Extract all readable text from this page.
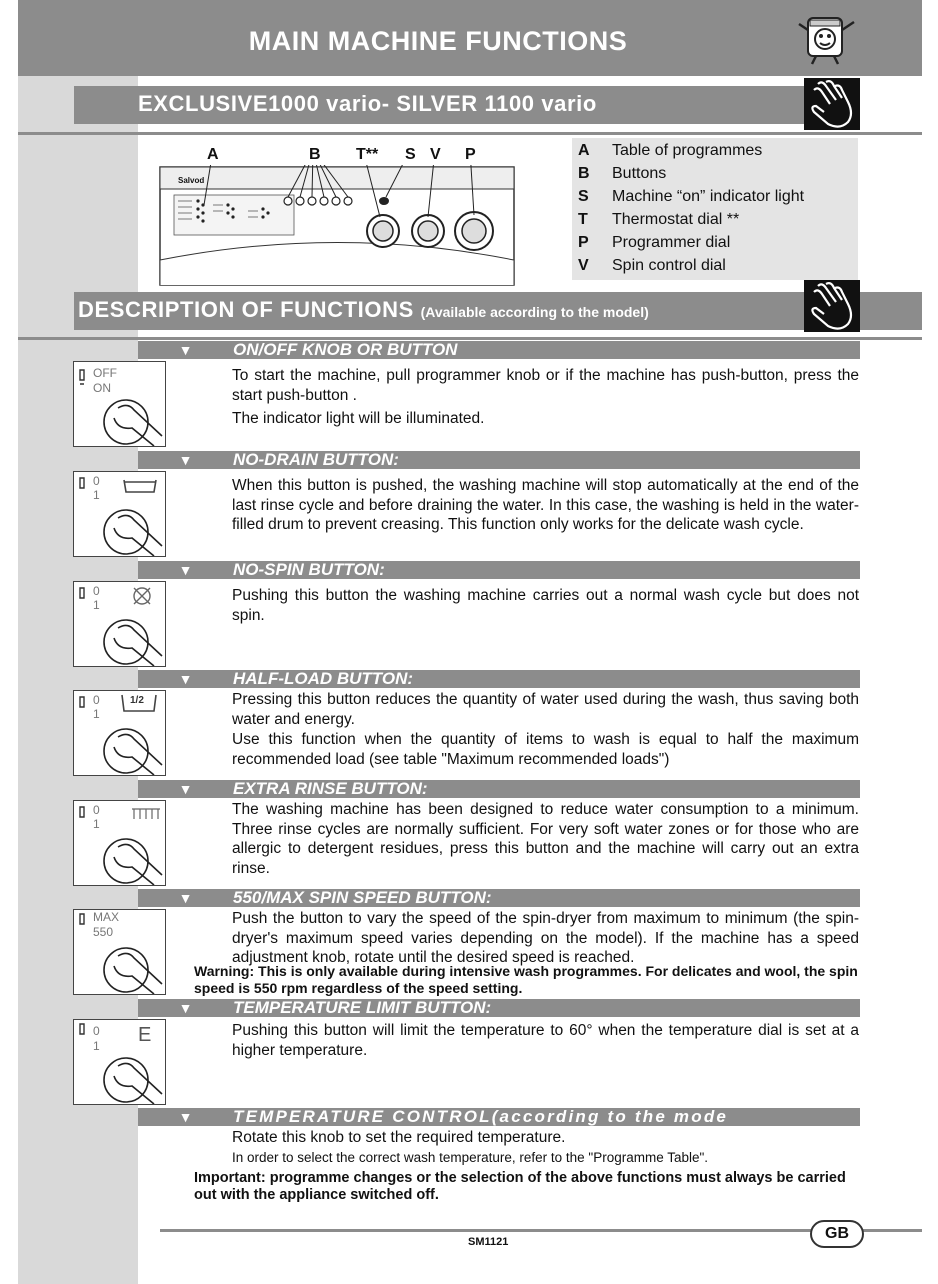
MAIN MACHINE FUNCTIONS
EXCLUSIVE1000 vario- SILVER 1100 vario
A	B T** S V P
Salvod
A Table of programmes
B Buttons
S Machine “on” indicator light
T Thermostat dial **
P Programmer dial
V Spin control dial
DESCRIPTION OF FUNCTIONS (Available according to the model)
▼ ON/OFF KNOB OR BUTTON
OFF
ON

To start the machine, pull programmer knob or if the machine has push-button, press the start push-button .

The indicator light will be illuminated.

▼ NO-DRAIN BUTTON:
0
1

When this button is pushed, the washing machine will stop automatically at the end of the last rinse cycle and before draining the water. In this case, the washing is held in the water-filled drum to prevent creasing. This function only works for the delicate wash cycle.

▼ NO-SPIN BUTTON:
0
1

Pushing this button the washing machine carries out a normal wash cycle but does not spin.

▼ HALF-LOAD BUTTON:
0
1
1/2	Pressing this button reduces the quantity of water used during the wash, thus saving both water and energy.

Use this function when the quantity of items to wash is equal to half the maximum recommended load (see table "Maximum recommended loads")

▼ EXTRA RINSE BUTTON:
0
1

The washing machine has been designed to reduce water consumption to a minimum. Three rinse cycles are normally sufficient. For very soft water zones or for those who are allergic to detergent residues, press this button and the machine will carry out an extra rinse.

▼ 550/MAX SPIN SPEED BUTTON:
MAX
550

Push the button to vary the speed of the spin-dryer from maximum to minimum (the spin-dryer's maximum speed varies depending on the model). If the machine has a speed adjustment knob, rotate until the desired speed is reached.

Warning: This is only available during intensive wash programmes. For delicates and wool, the spin speed is 550 rpm regardless of the speed setting.
▼ TEMPERATURE LIMIT BUTTON:
0
1 E	Pushing this button will limit the temperature to 60° when the temperature dial is set at a higher temperature.

▼ TEMPERATURE CONTROL(according to the mode

Rotate this knob to set the required temperature.

In order to select the correct wash temperature, refer to the "Programme Table".

Important: programme changes or the selection of the above functions must always be carried out with the appliance switched off.
GB
SM1121
